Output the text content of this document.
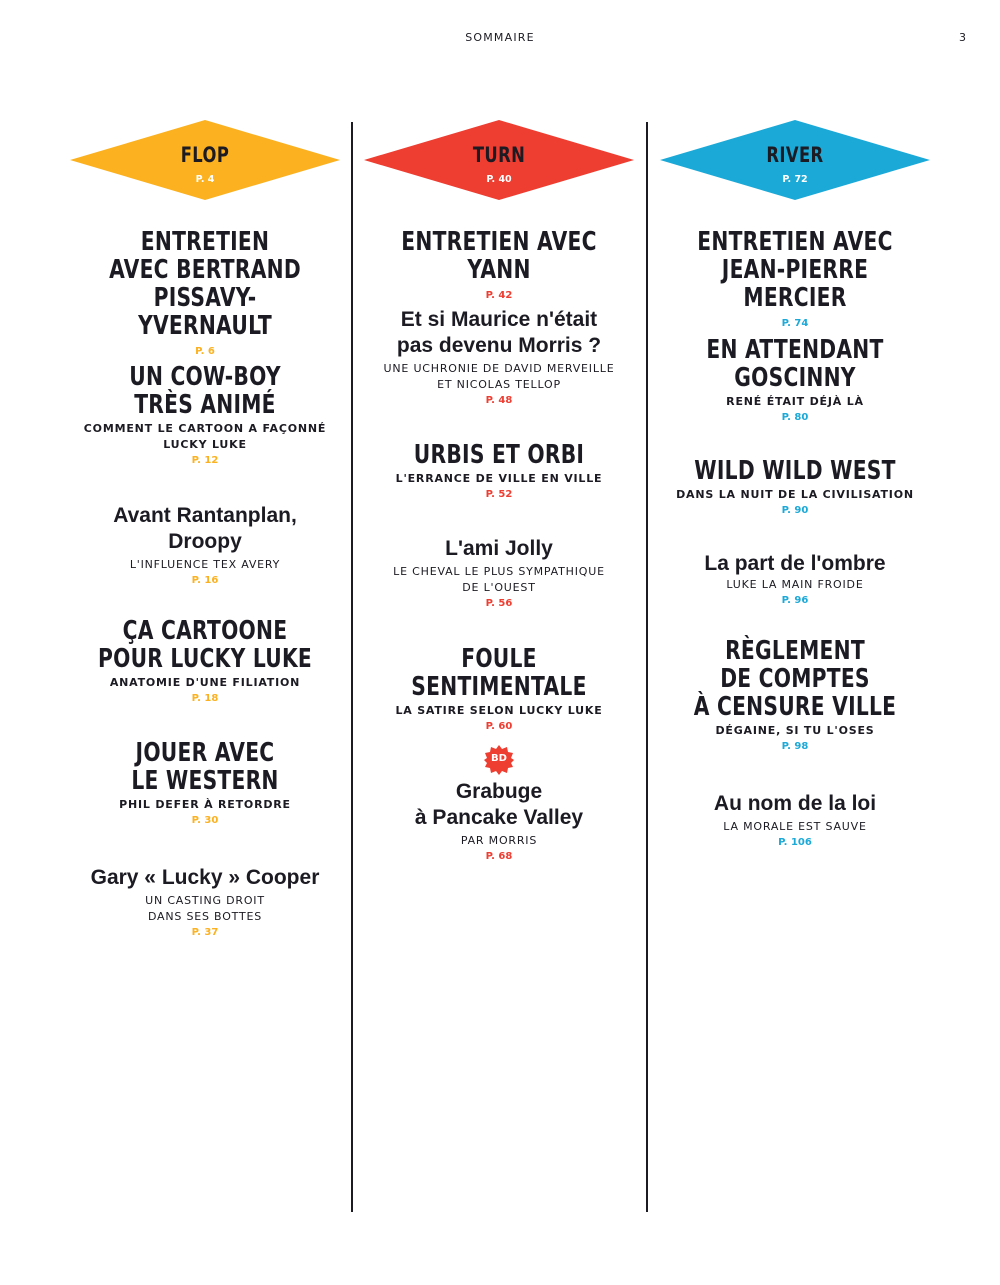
SOMMAIRE	3
FLOP
P. 4
ENTRETIEN
AVEC BERTRAND
PISSAVY-YVERNAULT
P. 6
UN COW-BOY
TRÈS ANIMÉ
COMMENT LE CARTOON A FAÇONNÉ
LUCKY LUKE
P. 12
Avant Rantanplan,
Droopy
L'INFLUENCE TEX AVERY
P. 16
ÇA CARTOONE
POUR LUCKY LUKE
ANATOMIE D'UNE FILIATION
P. 18
JOUER AVEC
LE WESTERN
PHIL DEFER À RETORDRE
P. 30
Gary « Lucky » Cooper
UN CASTING DROIT
DANS SES BOTTES
P. 37
TURN
P. 40
ENTRETIEN AVEC YANN
P. 42
Et si Maurice n'était
pas devenu Morris ?
UNE UCHRONIE DE DAVID MERVEILLE
ET NICOLAS TELLOP
P. 48
URBIS ET ORBI
L'ERRANCE DE VILLE EN VILLE
P. 52
L'ami Jolly
LE CHEVAL LE PLUS SYMPATHIQUE
DE L'OUEST
P. 56
FOULE SENTIMENTALE
LA SATIRE SELON LUCKY LUKE
P. 60
BD
Grabuge
à Pancake Valley
PAR MORRIS
P. 68
RIVER
P. 72
ENTRETIEN AVEC
JEAN-PIERRE MERCIER
P. 74
EN ATTENDANT
GOSCINNY
RENÉ ÉTAIT DÉJÀ LÀ
P. 80
WILD WILD WEST
DANS LA NUIT DE LA CIVILISATION
P. 90
La part de l'ombre
LUKE LA MAIN FROIDE
P. 96
RÈGLEMENT
DE COMPTES
À CENSURE VILLE
DÉGAINE, SI TU L'OSES
P. 98
Au nom de la loi
LA MORALE EST SAUVE
P. 106
